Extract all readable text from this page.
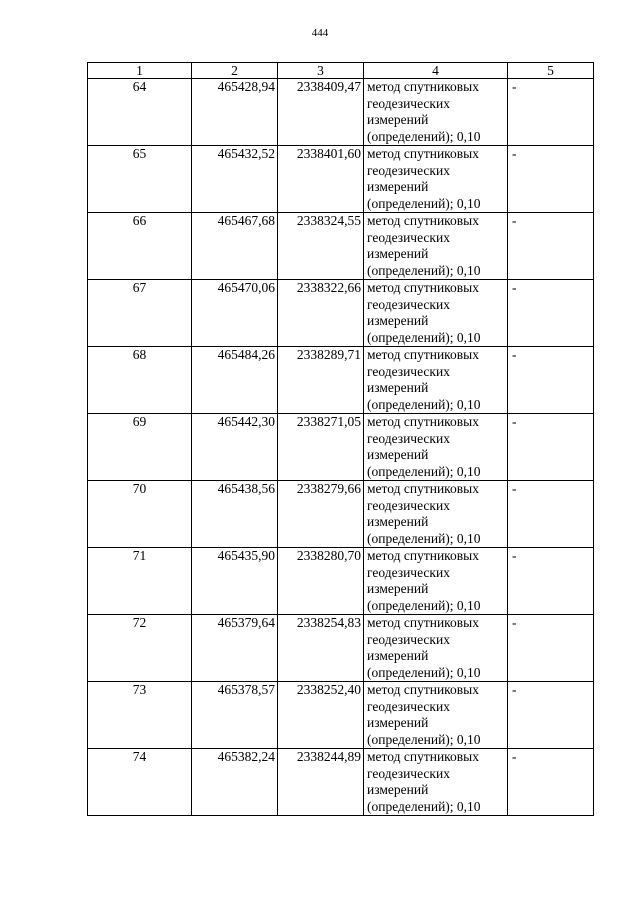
444
1	2	3	4	5
64	465428,94	2338409,47	метод спутниковых
геодезических
измерений
(определений); 0,10	-
65	465432,52	2338401,60	метод спутниковых
геодезических
измерений
(определений); 0,10	-
66	465467,68	2338324,55	метод спутниковых
геодезических
измерений
(определений); 0,10	-
67	465470,06	2338322,66	метод спутниковых
геодезических
измерений
(определений); 0,10	-
68	465484,26	2338289,71	метод спутниковых
геодезических
измерений
(определений); 0,10	-
69	465442,30	2338271,05	метод спутниковых
геодезических
измерений
(определений); 0,10	-
70	465438,56	2338279,66	метод спутниковых
геодезических
измерений
(определений); 0,10	-
71	465435,90	2338280,70	метод спутниковых
геодезических
измерений
(определений); 0,10	-
72	465379,64	2338254,83	метод спутниковых
геодезических
измерений
(определений); 0,10	-
73	465378,57	2338252,40	метод спутниковых
геодезических
измерений
(определений); 0,10	-
74	465382,24	2338244,89	метод спутниковых
геодезических
измерений
(определений); 0,10	-
